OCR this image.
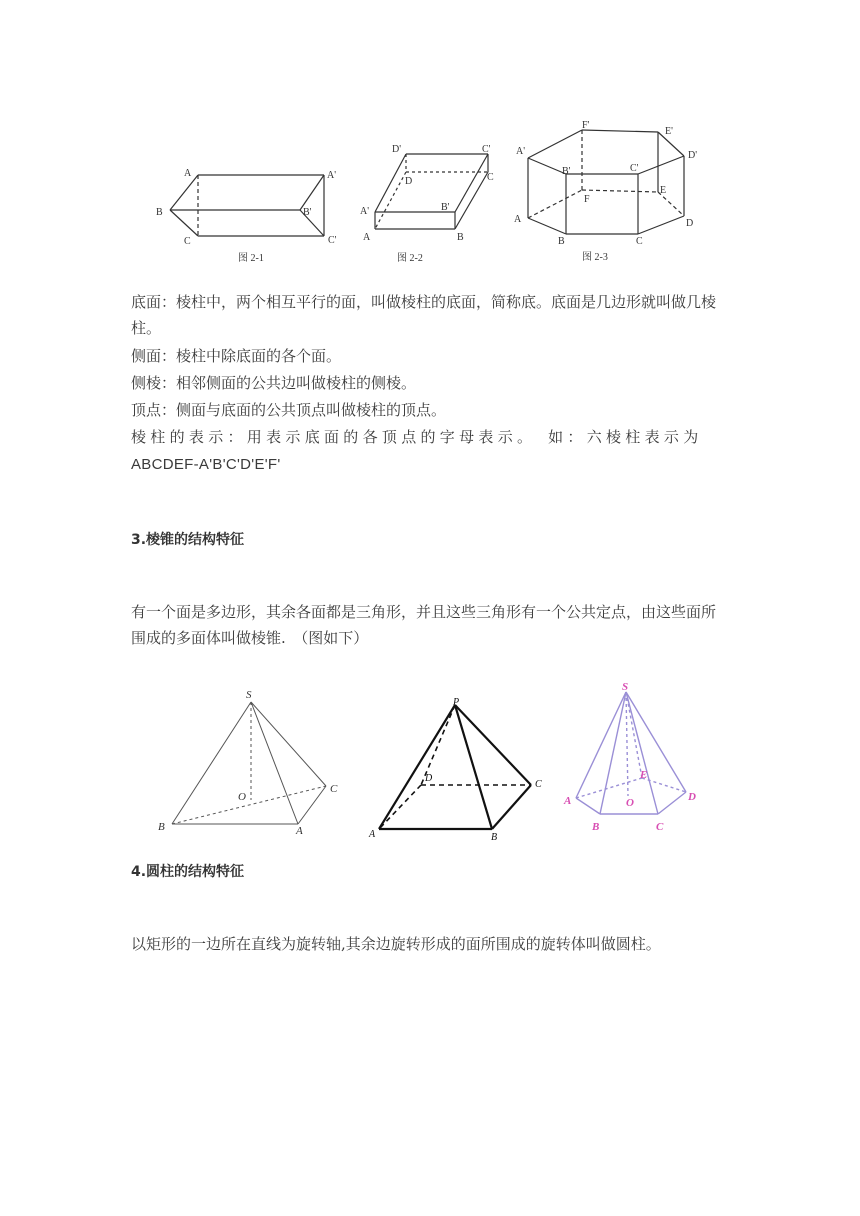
A
B
C
A'
B'
C'
图 2-1
D'	C'
D	C
A'	B'
A	B
图 2-2
F'
E'
A'	D'
B'	C'
E
F
A	D
B	C
图 2-3

底面：棱柱中，两个相互平行的面，叫做棱柱的底面，简称底。底面是几边形就叫做几棱柱。

侧面：棱柱中除底面的各个面。

侧棱：相邻侧面的公共边叫做棱柱的侧棱。

顶点：侧面与底面的公共顶点叫做棱柱的顶点。

棱柱的表示：用表示底面的各顶点的字母表示。　如：六棱柱表示为

ABCDEF-A'B'C'D'E'F'

3.棱锥的结构特征

有一个面是多边形，其余各面都是三角形，并且这些三角形有一个公共定点，由这些面所围成的多面体叫做棱锥.　（图如下）

S
O
C
B	A
P
D
C
A	B
S
E
A	O	D
B	C

4.圆柱的结构特征

以矩形的一边所在直线为旋转轴,其余边旋转形成的面所围成的旋转体叫做圆柱。
